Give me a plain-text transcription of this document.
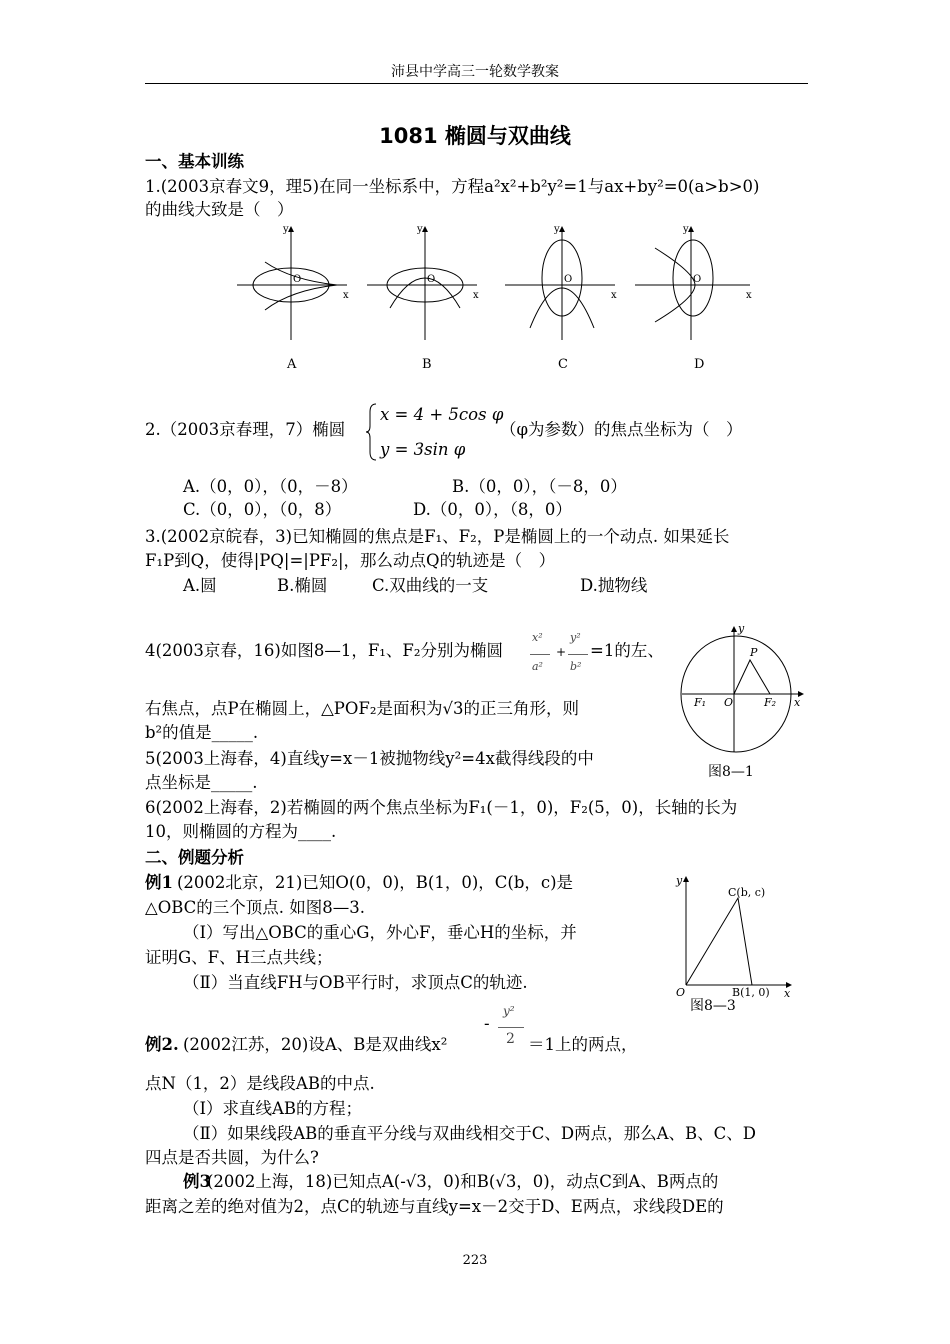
沛县中学高三一轮数学教案
1081 椭圆与双曲线
一、基本训练
1.(2003京春文9，理5)在同一坐标系中，方程a²x²+b²y²=1与ax+by²=0(a>b>0)
的曲线大致是（　）
y
x
O
y
x
O
y
x
O
y
x
O
A	B	C	D
2.（2003京春理，7）椭圆
x = 4 + 5cos φ
y = 3sin φ
（φ为参数）的焦点坐标为（　）
A.（0，0），（0，－8）	B.（0，0），（－8，0）
C.（0，0），（0，8）	D.（0，0），（8，0）
3.(2002京皖春，3)已知椭圆的焦点是F₁、F₂，P是椭圆上的一个动点. 如果延长
F₁P到Q，使得|PQ|=|PF₂|，那么动点Q的轨迹是（　）
A.圆	B.椭圆	C.双曲线的一支	D.抛物线
4(2003京春，16)如图8—1，F₁、F₂分别为椭圆
x²
a²
+
y²
b²
=1的左、
右焦点，点P在椭圆上，△POF₂是面积为√3的正三角形，则
b²的值是_____.
y
x
P
F₁	F₂
O
图8—1
5(2003上海春，4)直线y=x－1被抛物线y²=4x截得线段的中
点坐标是_____.
6(2002上海春，2)若椭圆的两个焦点坐标为F₁(－1，0)，F₂(5，0)，长轴的长为
10，则椭圆的方程为____.
二、例题分析
例1 (2002北京，21)已知O(0，0)，B(1，0)，C(b，c)是
△OBC的三个顶点. 如图8—3.
（Ⅰ）写出△OBC的重心G，外心F，垂心H的坐标，并
证明G、F、H三点共线；
（Ⅱ）当直线FH与OB平行时，求顶点C的轨迹.
y
x
C(b, c)
B(1, 0)
O
图8—3
例2. (2002江苏，20)设A、B是双曲线x²
-
y²
2 ＝1上的两点，
点N（1，2）是线段AB的中点.
（Ⅰ）求直线AB的方程；
（Ⅱ）如果线段AB的垂直平分线与双曲线相交于C、D两点，那么A、B、C、D
四点是否共圆，为什么?
例3
(2002上海，18)已知点A(-√3，0)和B(√3，0)，动点C到A、B两点的
距离之差的绝对值为2，点C的轨迹与直线y=x－2交于D、E两点，求线段DE的
223
